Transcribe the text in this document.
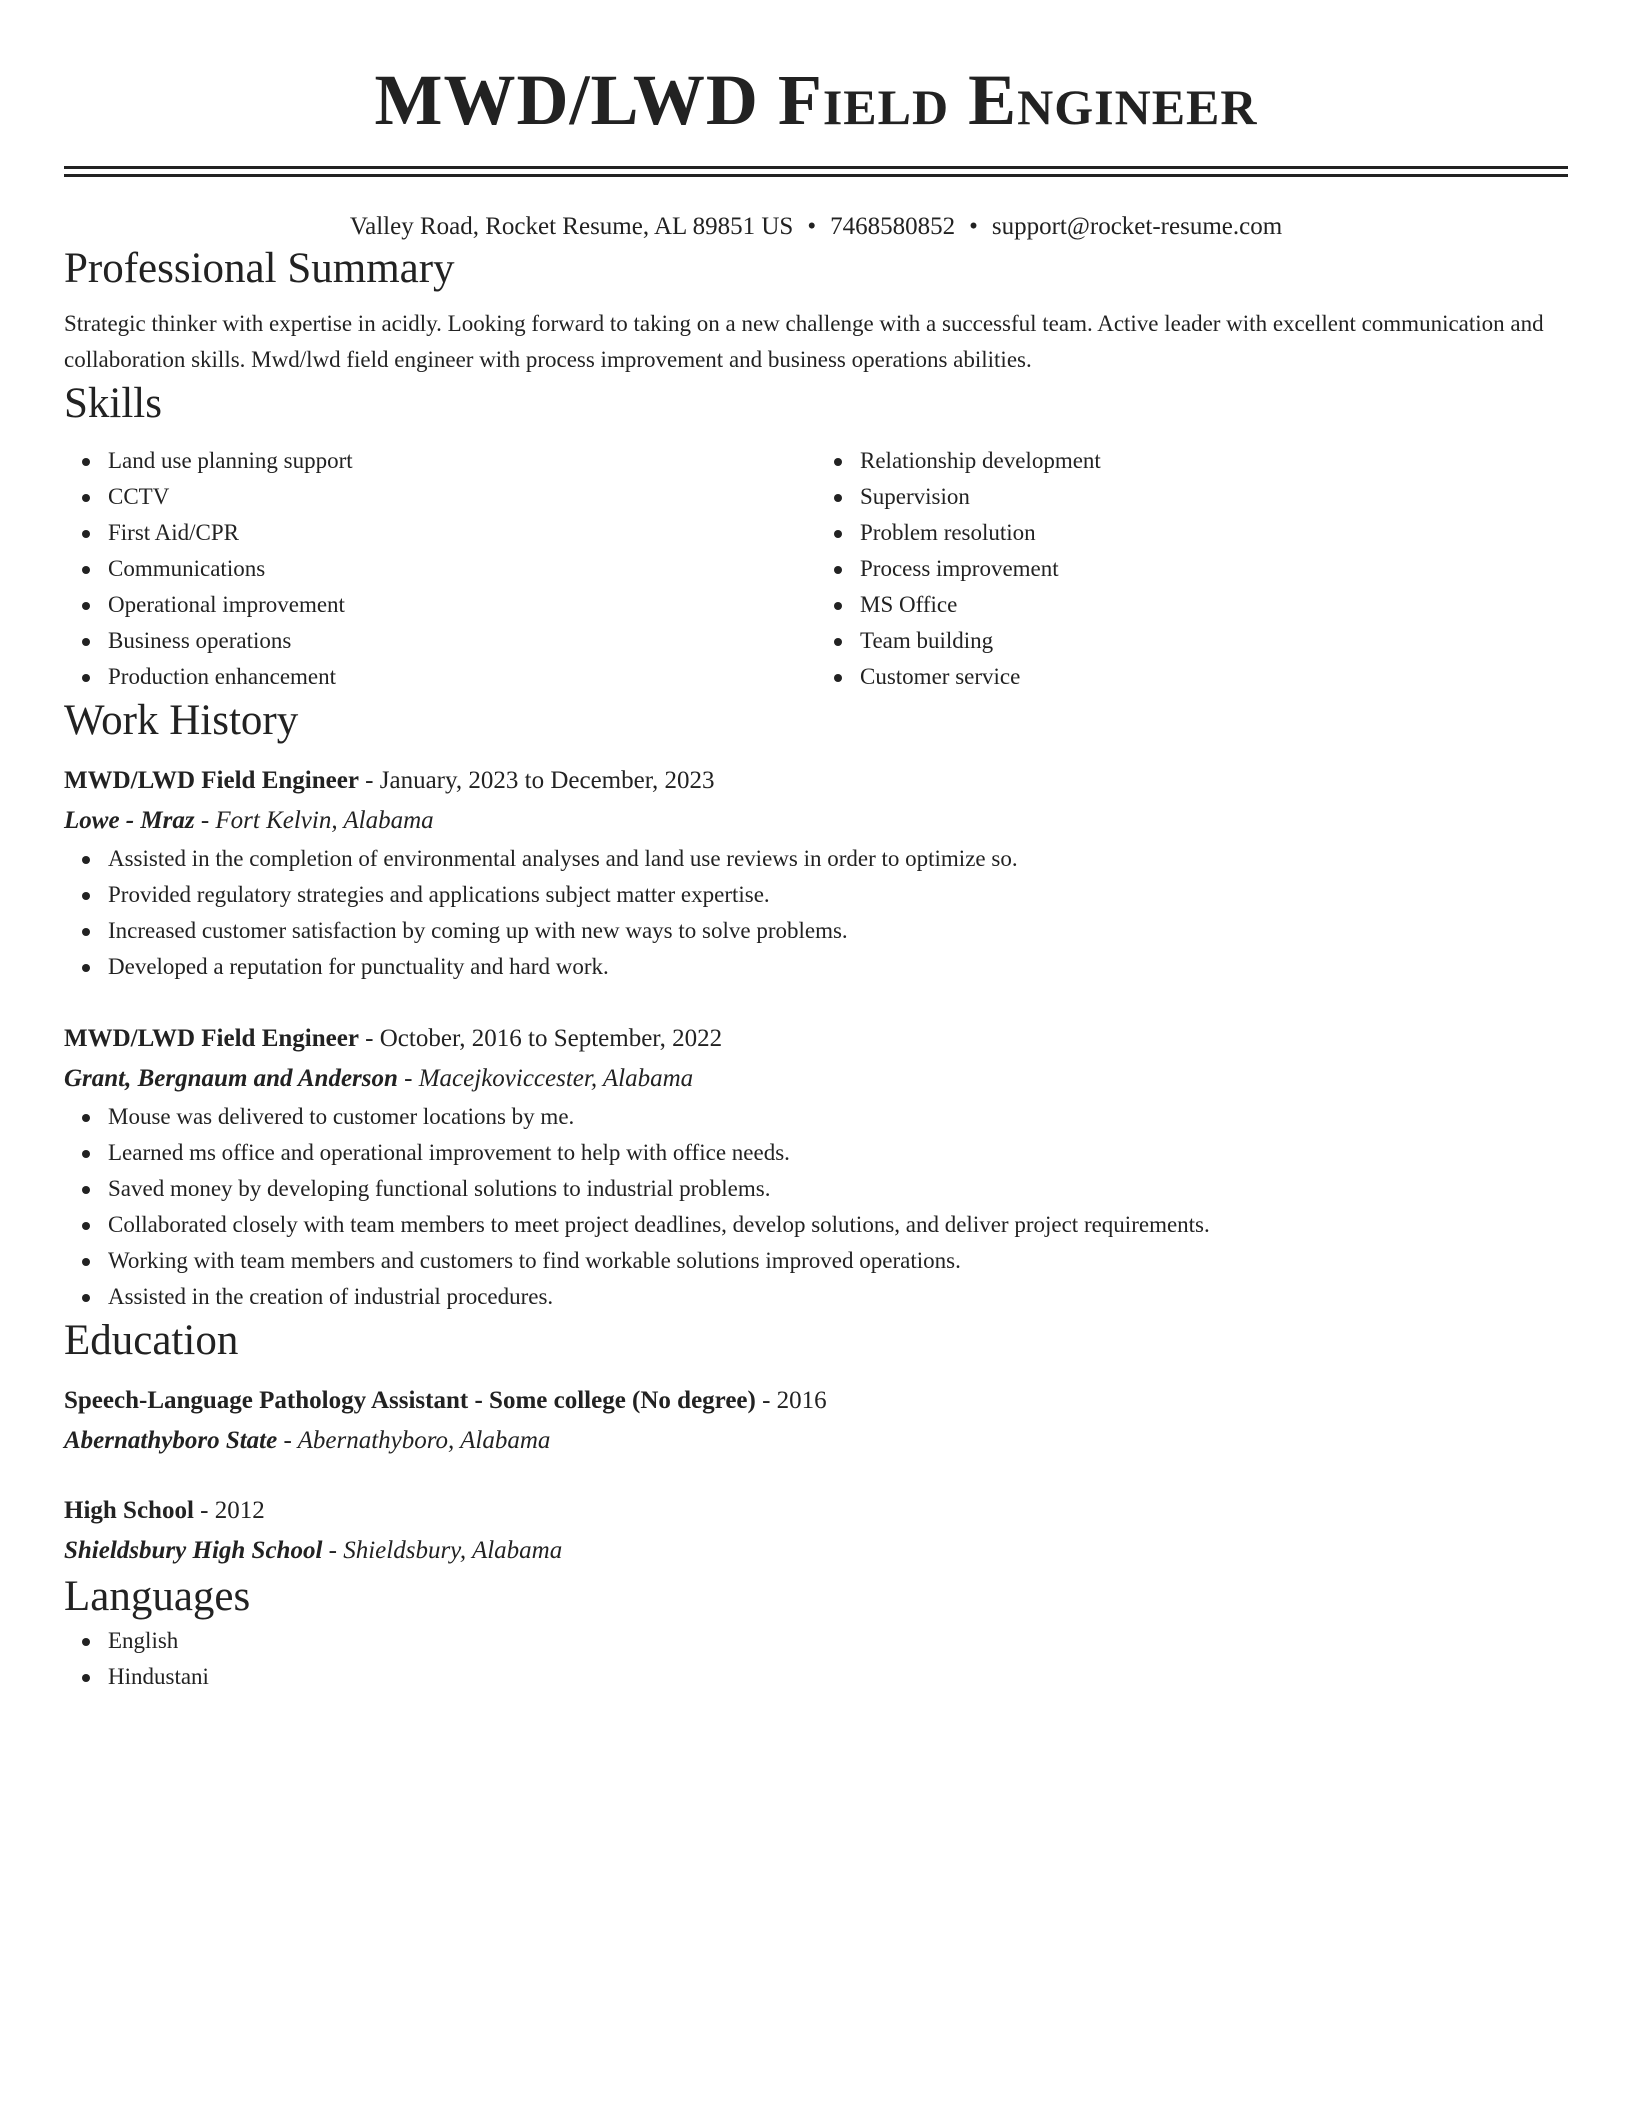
MWD/LWD Field Engineer
Valley Road, Rocket Resume, AL 89851 US • 7468580852 • support@rocket-resume.com
Professional Summary
Strategic thinker with expertise in acidly. Looking forward to taking on a new challenge with a successful team. Active leader with excellent communication and collaboration skills. Mwd/lwd field engineer with process improvement and business operations abilities.
Skills
Land use planning support
CCTV
First Aid/CPR
Communications
Operational improvement
Business operations
Production enhancement
Relationship development
Supervision
Problem resolution
Process improvement
MS Office
Team building
Customer service
Work History
MWD/LWD Field Engineer - January, 2023 to December, 2023
Lowe - Mraz - Fort Kelvin, Alabama
Assisted in the completion of environmental analyses and land use reviews in order to optimize so.
Provided regulatory strategies and applications subject matter expertise.
Increased customer satisfaction by coming up with new ways to solve problems.
Developed a reputation for punctuality and hard work.
MWD/LWD Field Engineer - October, 2016 to September, 2022
Grant, Bergnaum and Anderson - Macejkoviccester, Alabama
Mouse was delivered to customer locations by me.
Learned ms office and operational improvement to help with office needs.
Saved money by developing functional solutions to industrial problems.
Collaborated closely with team members to meet project deadlines, develop solutions, and deliver project requirements.
Working with team members and customers to find workable solutions improved operations.
Assisted in the creation of industrial procedures.
Education
Speech-Language Pathology Assistant - Some college (No degree) - 2016
Abernathyboro State - Abernathyboro, Alabama
High School - 2012
Shieldsbury High School - Shieldsbury, Alabama
Languages
English
Hindustani
